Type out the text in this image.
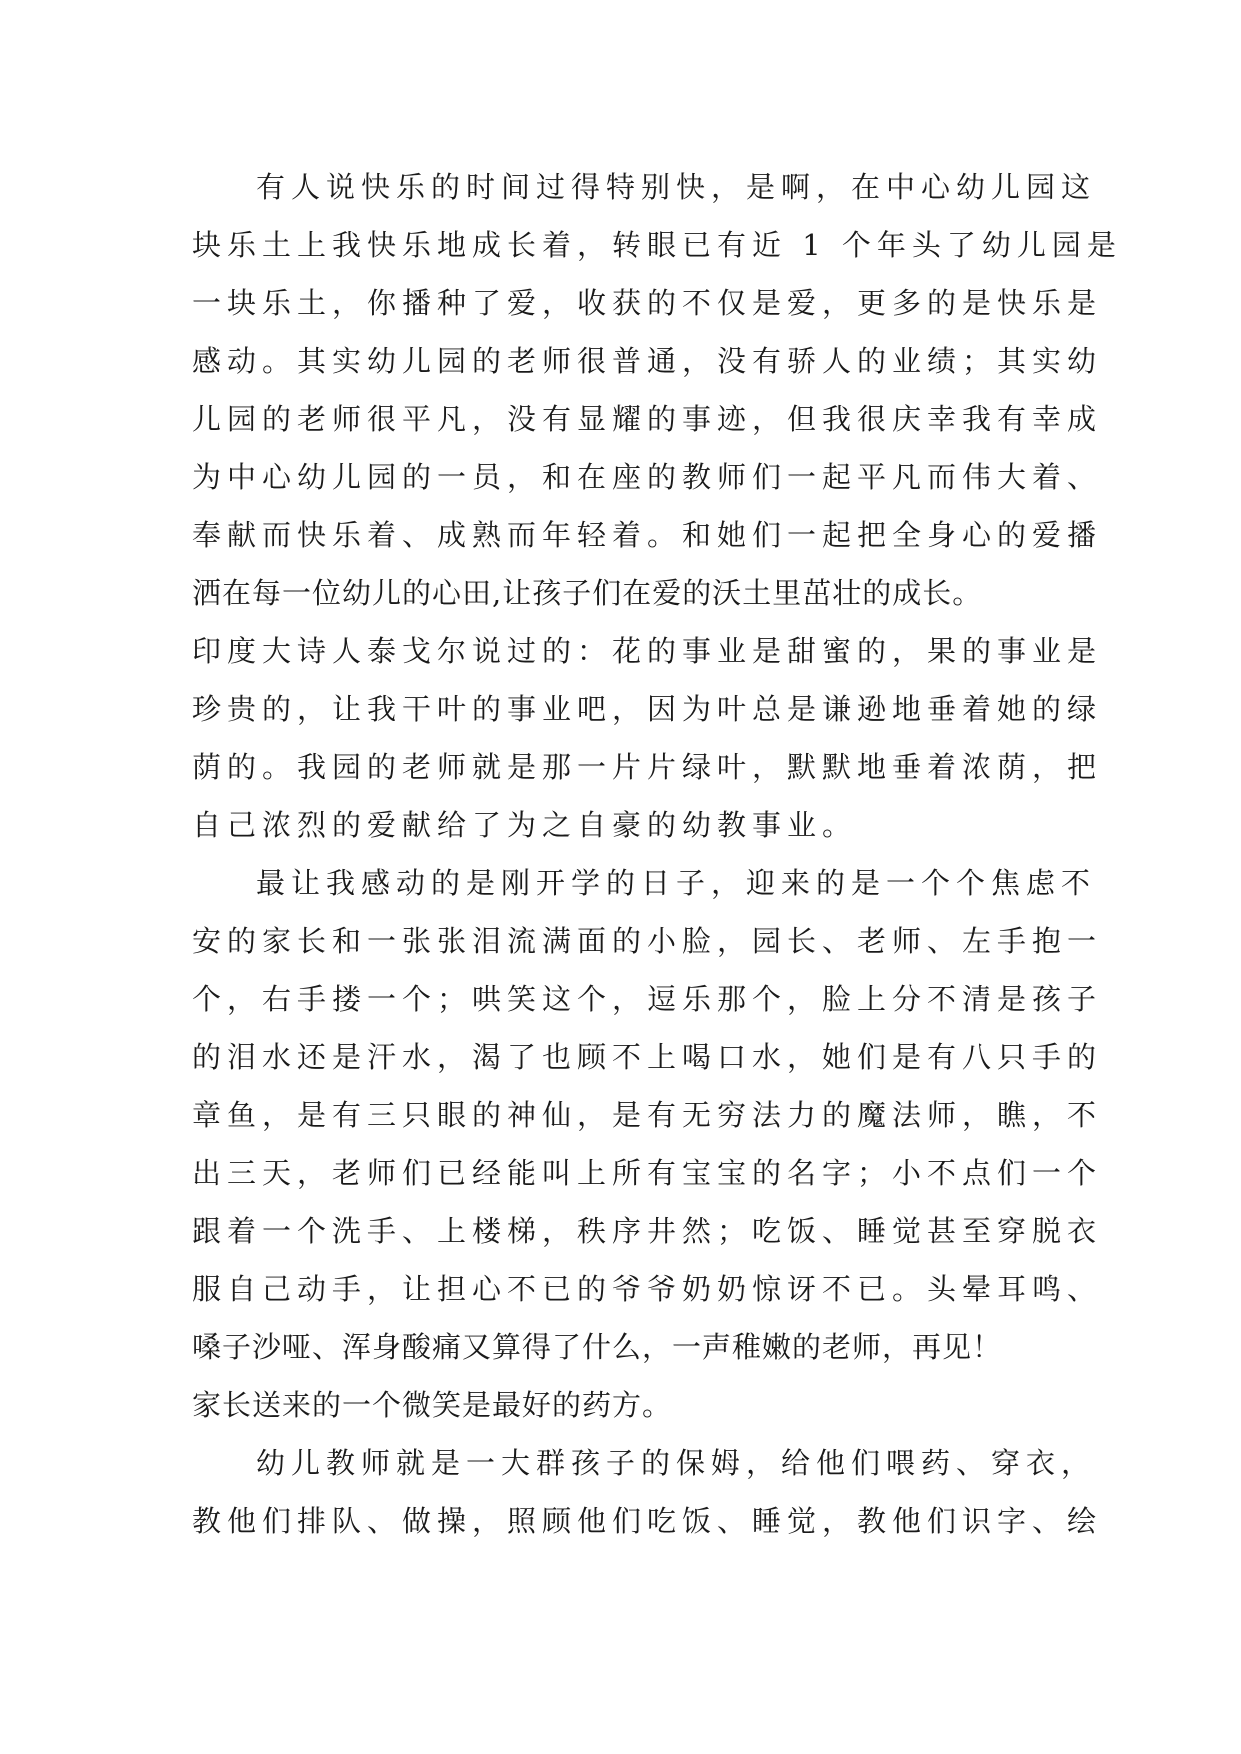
有人说快乐的时间过得特别快，是啊，在中心幼儿园这
块乐土上我快乐地成长着，转眼已有近 1 个年头了幼儿园是
一块乐土，你播种了爱，收获的不仅是爱，更多的是快乐是
感动。其实幼儿园的老师很普通，没有骄人的业绩；其实幼
儿园的老师很平凡，没有显耀的事迹，但我很庆幸我有幸成
为中心幼儿园的一员，和在座的教师们一起平凡而伟大着、
奉献而快乐着、成熟而年轻着。和她们一起把全身心的爱播
洒在每一位幼儿的心田,让孩子们在爱的沃土里茁壮的成长。
印度大诗人泰戈尔说过的：花的事业是甜蜜的，果的事业是
珍贵的，让我干叶的事业吧，因为叶总是谦逊地垂着她的绿
荫的。我园的老师就是那一片片绿叶，默默地垂着浓荫，把
自己浓烈的爱献给了为之自豪的幼教事业。
最让我感动的是刚开学的日子，迎来的是一个个焦虑不
安的家长和一张张泪流满面的小脸，园长、老师、左手抱一
个，右手搂一个；哄笑这个，逗乐那个，脸上分不清是孩子
的泪水还是汗水，渴了也顾不上喝口水，她们是有八只手的
章鱼，是有三只眼的神仙，是有无穷法力的魔法师，瞧，不
出三天，老师们已经能叫上所有宝宝的名字；小不点们一个
跟着一个洗手、上楼梯，秩序井然；吃饭、睡觉甚至穿脱衣
服自己动手，让担心不已的爷爷奶奶惊讶不已。头晕耳鸣、
嗓子沙哑、浑身酸痛又算得了什么，一声稚嫩的老师，再见！
家长送来的一个微笑是最好的药方。
幼儿教师就是一大群孩子的保姆，给他们喂药、穿衣，
教他们排队、做操，照顾他们吃饭、睡觉，教他们识字、绘
